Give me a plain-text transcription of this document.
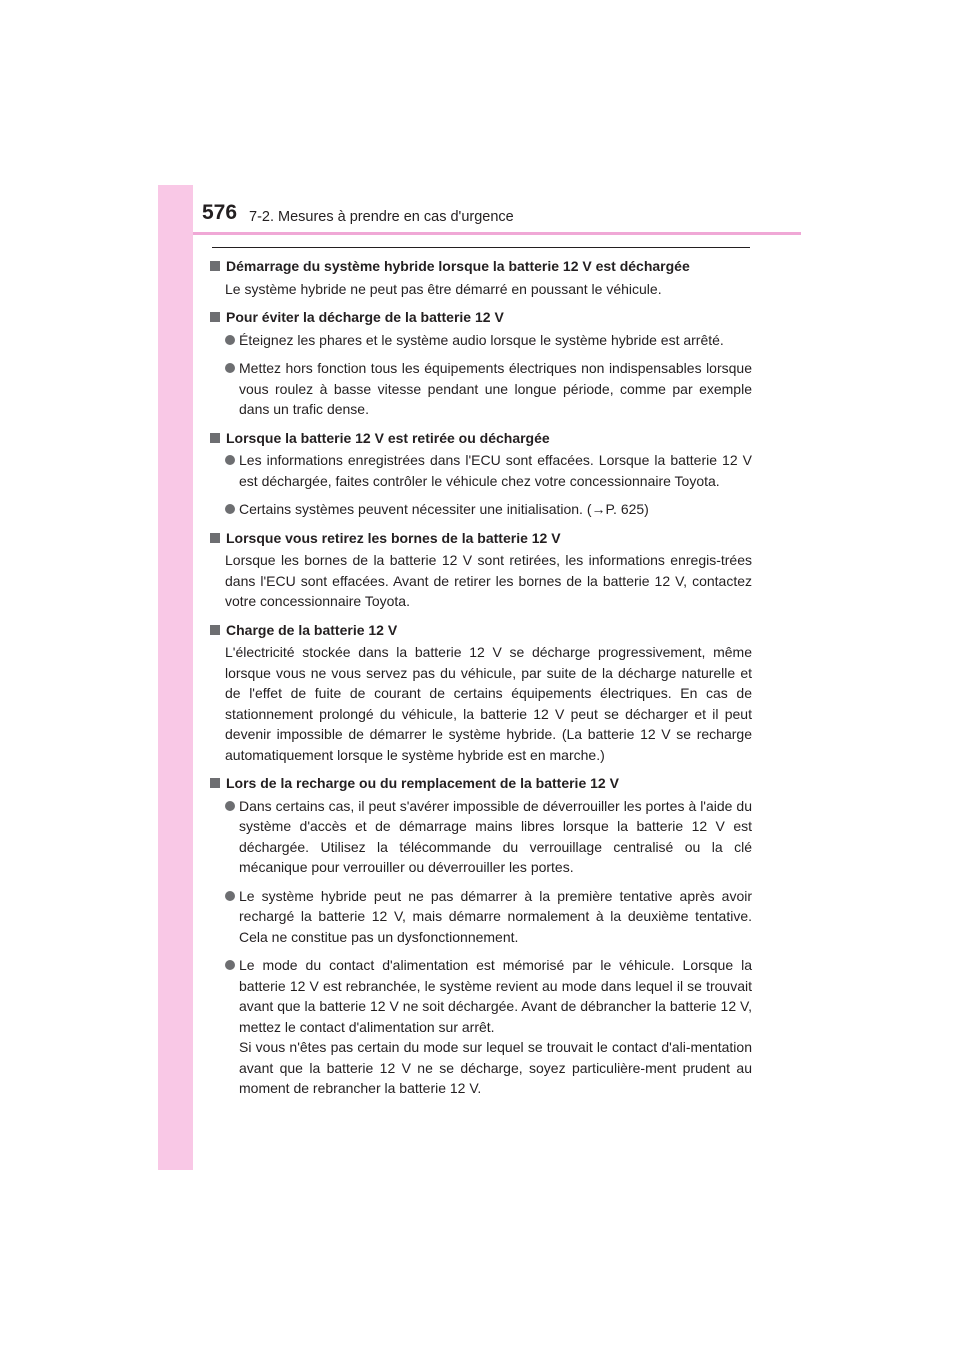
576 7-2. Mesures à prendre en cas d'urgence
Démarrage du système hybride lorsque la batterie 12 V est déchargée
Le système hybride ne peut pas être démarré en poussant le véhicule.
Pour éviter la décharge de la batterie 12 V
Éteignez les phares et le système audio lorsque le système hybride est arrêté.
Mettez hors fonction tous les équipements électriques non indispensables lorsque vous roulez à basse vitesse pendant une longue période, comme par exemple dans un trafic dense.
Lorsque la batterie 12 V est retirée ou déchargée
Les informations enregistrées dans l'ECU sont effacées. Lorsque la batterie 12 V est déchargée, faites contrôler le véhicule chez votre concessionnaire Toyota.
Certains systèmes peuvent nécessiter une initialisation. (→P. 625)
Lorsque vous retirez les bornes de la batterie 12 V
Lorsque les bornes de la batterie 12 V sont retirées, les informations enregis-trées dans l'ECU sont effacées. Avant de retirer les bornes de la batterie 12 V, contactez votre concessionnaire Toyota.
Charge de la batterie 12 V
L'électricité stockée dans la batterie 12 V se décharge progressivement, même lorsque vous ne vous servez pas du véhicule, par suite de la décharge naturelle et de l'effet de fuite de courant de certains équipements électriques. En cas de stationnement prolongé du véhicule, la batterie 12 V peut se décharger et il peut devenir impossible de démarrer le système hybride. (La batterie 12 V se recharge automatiquement lorsque le système hybride est en marche.)
Lors de la recharge ou du remplacement de la batterie 12 V
Dans certains cas, il peut s'avérer impossible de déverrouiller les portes à l'aide du système d'accès et de démarrage mains libres lorsque la batterie 12 V est déchargée. Utilisez la télécommande du verrouillage centralisé ou la clé mécanique pour verrouiller ou déverrouiller les portes.
Le système hybride peut ne pas démarrer à la première tentative après avoir rechargé la batterie 12 V, mais démarre normalement à la deuxième tentative. Cela ne constitue pas un dysfonctionnement.
Le mode du contact d'alimentation est mémorisé par le véhicule. Lorsque la batterie 12 V est rebranchée, le système revient au mode dans lequel il se trouvait avant que la batterie 12 V ne soit déchargée. Avant de débrancher la batterie 12 V, mettez le contact d'alimentation sur arrêt.
Si vous n'êtes pas certain du mode sur lequel se trouvait le contact d'ali-mentation avant que la batterie 12 V ne se décharge, soyez particulière-ment prudent au moment de rebrancher la batterie 12 V.
